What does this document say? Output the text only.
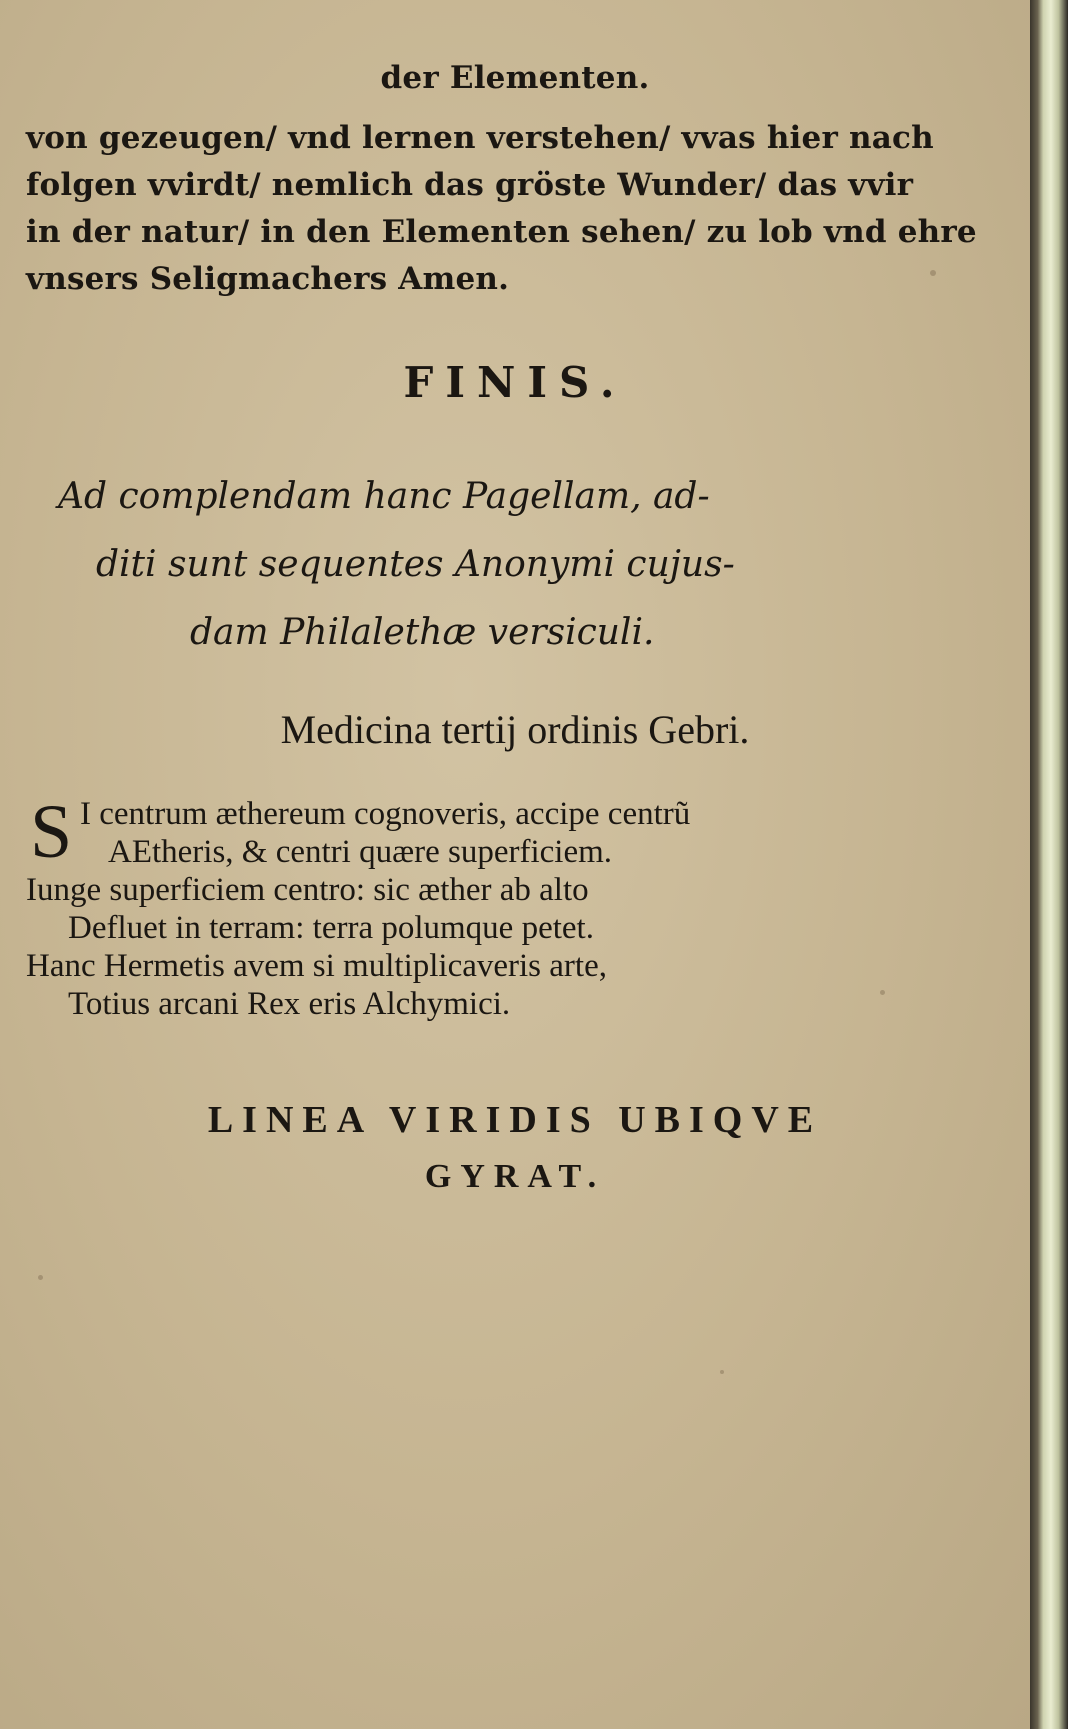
der Elementen.
von gezeugen/ vnd lernen verstehen/ vvas hier nach
folgen vvirdt/ nemlich das gröste Wunder/ das vvir
in der natur/ in den Elementen sehen/ zu lob vnd ehre
vnsers Seligmachers Amen.
FINIS.
Ad complendam hanc Pagellam, ad-
diti sunt sequentes Anonymi cujus-
dam Philalethæ versiculi.
Medicina tertij ordinis Gebri.
S I centrum æthereum cognoveris, accipe centrũ
AEtheris, & centri quære superficiem.
Iunge superficiem centro: sic æther ab alto
Defluet in terram: terra polumque petet.
Hanc Hermetis avem si multiplicaveris arte,
Totius arcani Rex eris Alchymici.
LINEA VIRIDIS UBIQVE
GYRAT.
